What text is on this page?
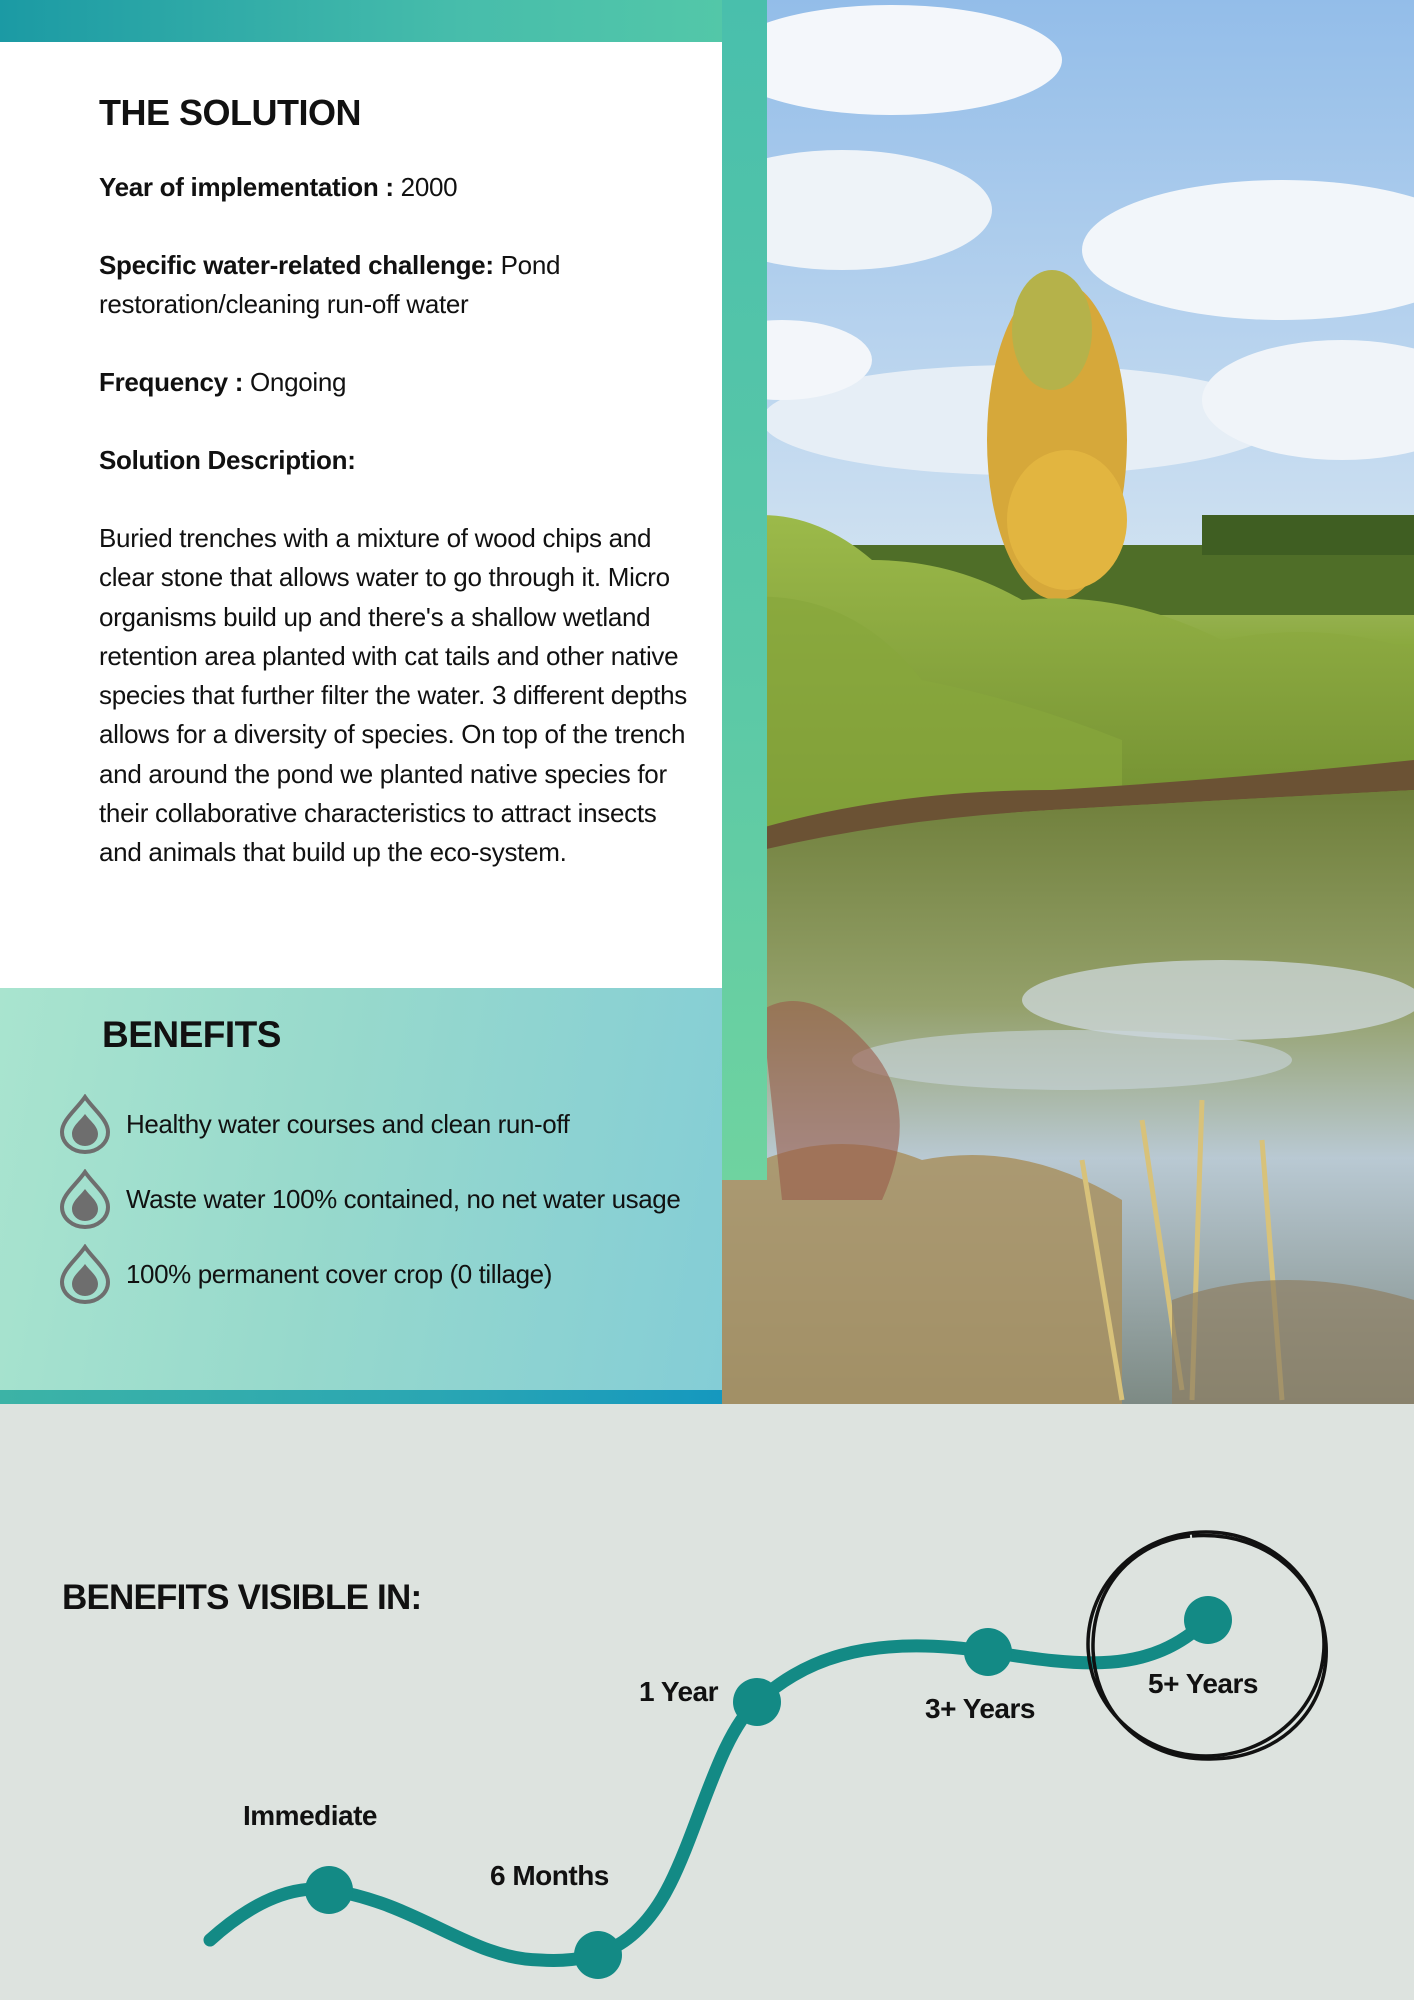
THE SOLUTION

Year of implementation : 2000

Specific water-related challenge: Pond restoration/cleaning run-off water

Frequency : Ongoing

Solution Description:

Buried trenches with a mixture of wood chips and clear stone that allows water to go through it. Micro organisms build up and there's a shallow wetland retention area planted with cat tails and other native species that further filter the water. 3 different depths allows for a diversity of species. On top of the trench and around the pond we planted native species for their collaborative characteristics to attract insects and animals that build up the eco-system.

BENEFITS
Healthy water courses and clean run-off
Waste water 100% contained, no net water usage
100% permanent cover crop (0 tillage)
BENEFITS VISIBLE IN:
Immediate
6 Months
1 Year
3+ Years
5+ Years
